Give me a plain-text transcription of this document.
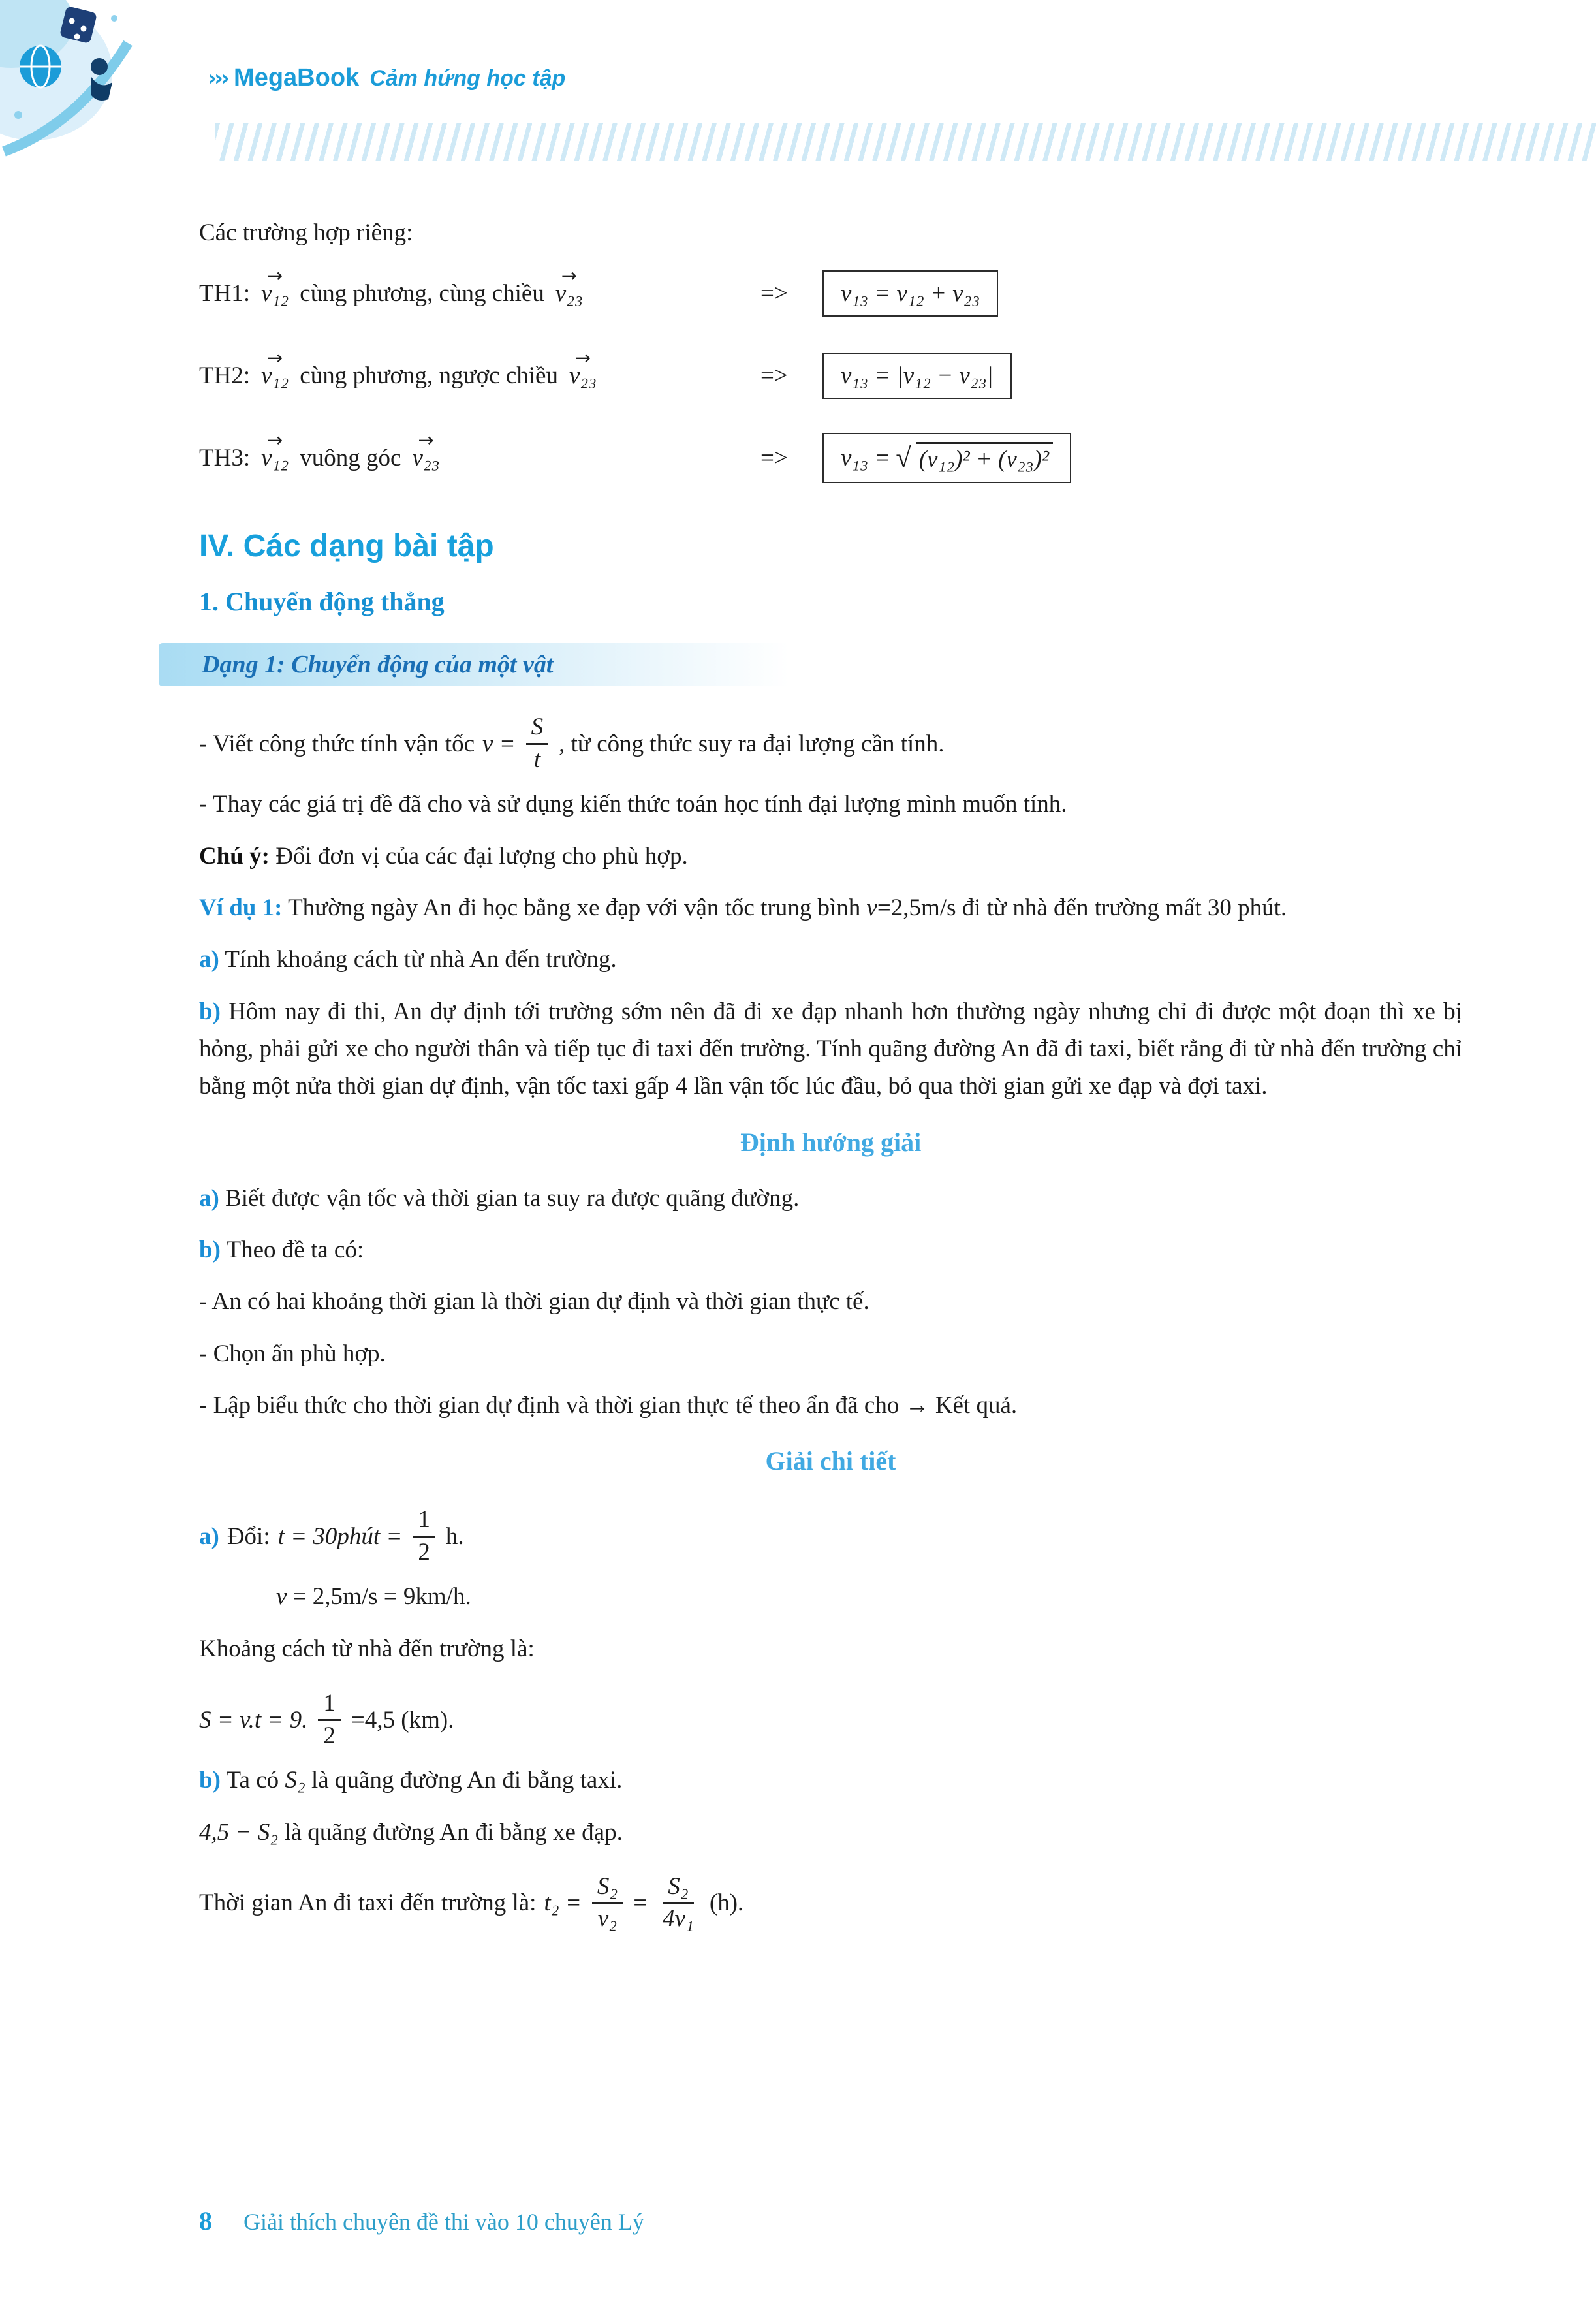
››› MegaBook Cảm hứng học tập

Các trường hợp riêng:

TH1: → v₁₂ cùng phương, cùng chiều → v₂₃	=>	v₁₃ = v₁₂ + v₂₃
TH2: → v₁₂ cùng phương, ngược chiều → v₂₃	=>	v₁₃ = |v₁₂ − v₂₃|
TH3: → v₁₂ vuông góc → v₂₃	=>	v₁₃ = √ (v₁₂)² + (v₂₃)²
IV. Các dạng bài tập
1. Chuyển động thẳng
Dạng 1: Chuyển động của một vật
- Viết công thức tính vận tốc $v = \frac{S}{t}$ , từ công thức suy ra đại lượng cần tính.

- Thay các giá trị đề đã cho và sử dụng kiến thức toán học tính đại lượng mình muốn tính.

Chú ý: Đổi đơn vị của các đại lượng cho phù hợp.

Ví dụ 1: Thường ngày An đi học bằng xe đạp với vận tốc trung bình v=2,5m/s đi từ nhà đến trường mất 30 phút.

a) Tính khoảng cách từ nhà An đến trường.

b) Hôm nay đi thi, An dự định tới trường sớm nên đã đi xe đạp nhanh hơn thường ngày nhưng chỉ đi được một đoạn thì xe bị hỏng, phải gửi xe cho người thân và tiếp tục đi taxi đến trường. Tính quãng đường An đã đi taxi, biết rằng đi từ nhà đến trường chỉ bằng một nửa thời gian dự định, vận tốc taxi gấp 4 lần vận tốc lúc đầu, bỏ qua thời gian gửi xe đạp và đợi taxi.

Định hướng giải

a) Biết được vận tốc và thời gian ta suy ra được quãng đường.

b) Theo đề ta có:

- An có hai khoảng thời gian là thời gian dự định và thời gian thực tế.

- Chọn ẩn phù hợp.

- Lập biểu thức cho thời gian dự định và thời gian thực tế theo ẩn đã cho → Kết quả.

Giải chi tiết

a) Đổi: t = 30phút = $\frac{1}{2} h$.

v = 2,5m/s = 9km/h.

Khoảng cách từ nhà đến trường là:

S = v.t = 9. $\frac{1}{2} =4,5$ (km).

b) Ta có S₂ là quãng đường An đi bằng taxi.

4,5 − S₂ là quãng đường An đi bằng xe đạp.

Thời gian An đi taxi đến trường là: $t_2 = \frac{\text{S₂}}{\text{v₂}} = \frac{\text{S₂}}{\text{4v₁}} (h)$.
8 Giải thích chuyên đề thi vào 10 chuyên Lý
